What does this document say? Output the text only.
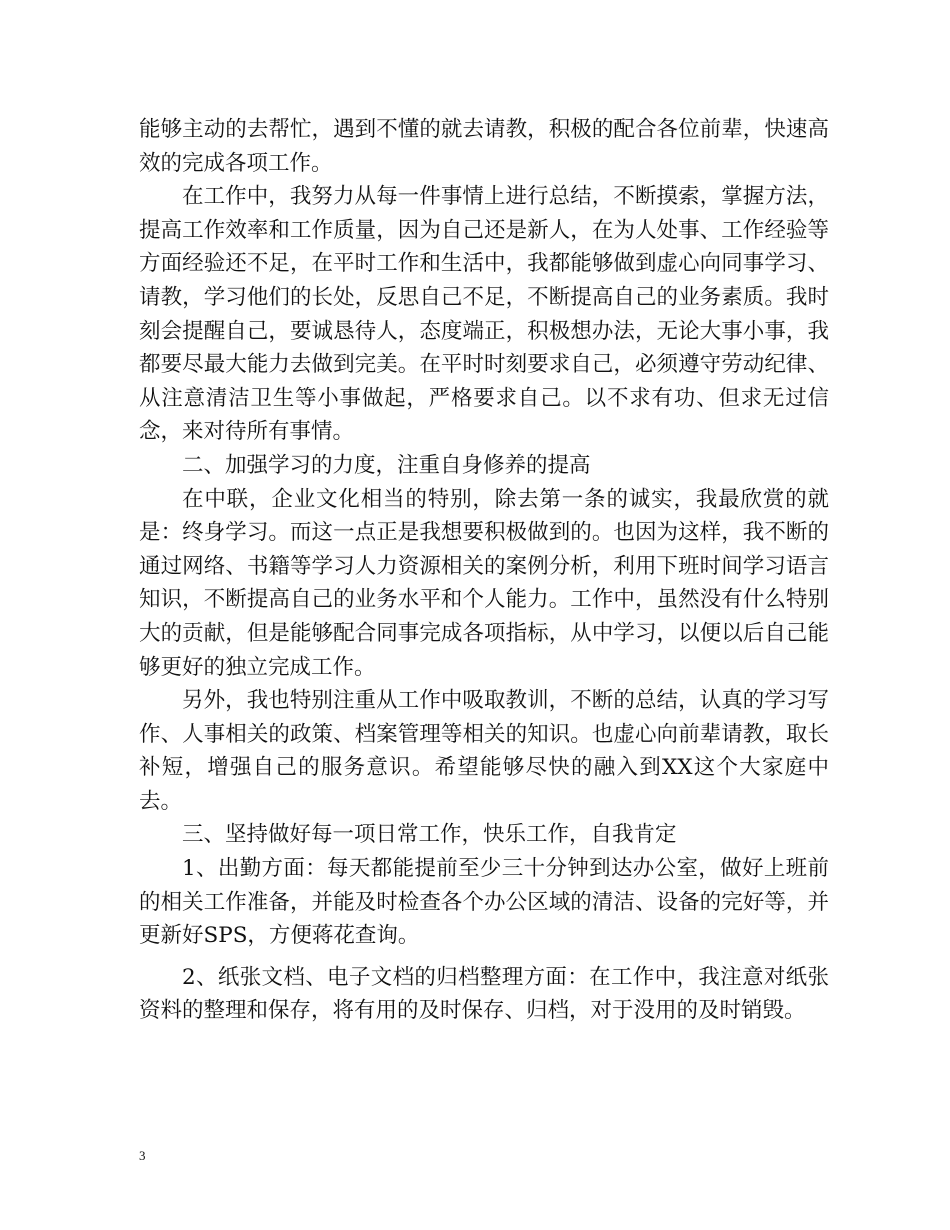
能够主动的去帮忙，遇到不懂的就去请教，积极的配合各位前辈，快速高效的完成各项工作。

在工作中，我努力从每一件事情上进行总结，不断摸索，掌握方法，提高工作效率和工作质量，因为自己还是新人，在为人处事、工作经验等方面经验还不足，在平时工作和生活中，我都能够做到虚心向同事学习、请教，学习他们的长处，反思自己不足，不断提高自己的业务素质。我时刻会提醒自己，要诚恳待人，态度端正，积极想办法，无论大事小事，我都要尽最大能力去做到完美。在平时时刻要求自己，必须遵守劳动纪律、从注意清洁卫生等小事做起，严格要求自己。以不求有功、但求无过信念，来对待所有事情。

二、加强学习的力度，注重自身修养的提高

在中联，企业文化相当的特别，除去第一条的诚实，我最欣赏的就是：终身学习。而这一点正是我想要积极做到的。也因为这样，我不断的通过网络、书籍等学习人力资源相关的案例分析，利用下班时间学习语言知识，不断提高自己的业务水平和个人能力。工作中，虽然没有什么特别大的贡献，但是能够配合同事完成各项指标，从中学习，以便以后自己能够更好的独立完成工作。

另外，我也特别注重从工作中吸取教训，不断的总结，认真的学习写作、人事相关的政策、档案管理等相关的知识。也虚心向前辈请教，取长补短，增强自己的服务意识。希望能够尽快的融入到XX这个大家庭中去。

三、坚持做好每一项日常工作，快乐工作，自我肯定

1、出勤方面：每天都能提前至少三十分钟到达办公室，做好上班前的相关工作准备，并能及时检查各个办公区域的清洁、设备的完好等，并更新好SPS，方便蒋花查询。

2、纸张文档、电子文档的归档整理方面：在工作中，我注意对纸张资料的整理和保存，将有用的及时保存、归档，对于没用的及时销毁。

3
